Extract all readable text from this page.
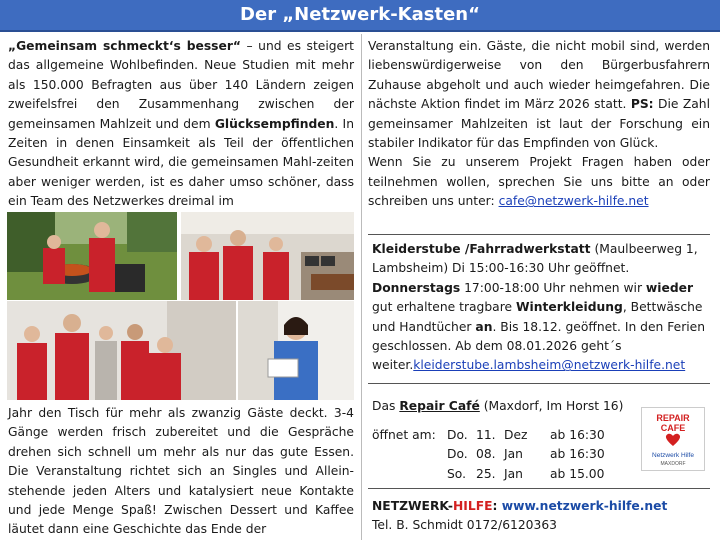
Der „Netzwerk-Kasten“
„Gemeinsam schmeckt‘s besser“ – und es steigert das allgemeine Wohlbefinden. Neue Studien mit mehr als 150.000 Befragten aus über 140 Ländern zeigen zweifelsfrei den Zusammenhang zwischen der gemeinsamen Mahlzeit und dem Glücksempfinden. In Zeiten in denen Einsamkeit als Teil der öffentlichen Gesundheit erkannt wird, die gemeinsamen Mahl-zeiten aber weniger werden, ist es daher umso schöner, dass ein Team des Netzwerkes dreimal im
Jahr den Tisch für mehr als zwanzig Gäste deckt. 3-4 Gänge werden frisch zubereitet und die Gespräche drehen sich schnell um mehr als nur das gute Essen. Die Veranstaltung richtet sich an Singles und Allein-stehende jeden Alters und katalysiert neue Kontakte und jede Menge Spaß! Zwischen Dessert und Kaffee läutet dann eine Geschichte das Ende der
Veranstaltung ein. Gäste, die nicht mobil sind, werden liebenswürdigerweise von den Bürgerbusfahrern Zuhause abgeholt und auch wieder heimgefahren. Die nächste Aktion findet im März 2026 statt. PS: Die Zahl gemeinsamer Mahlzeiten ist laut der Forschung ein stabiler Indikator für das Empfinden von Glück.
Wenn Sie zu unserem Projekt Fragen haben oder teilnehmen wollen, sprechen Sie uns bitte an oder schreiben uns unter: cafe@netzwerk-hilfe.net
Kleiderstube /Fahrradwerkstatt (Maulbeerweg 1, Lambsheim) Di 15:00-16:30 Uhr geöffnet. Donnerstags 17:00-18:00 Uhr nehmen wir wieder gut erhaltene tragbare Winterkleidung, Bettwäsche und Handtücher an. Bis 18.12. geöffnet. In den Ferien geschlossen. Ab dem 08.01.2026 geht´s weiter.kleiderstube.lambsheim@netzwerk-hilfe.net
Das Repair Café (Maxdorf, Im Horst 16)
öffnet am: Do. 11. Dez ab 16:30
Do. 08. Jan ab 16:30
So. 25. Jan ab 15.00
REPAIR
CAFE
Netzwerk Hilfe
MAXDORF
NETZWERK-HILFE: www.netzwerk-hilfe.net
Tel. B. Schmidt 0172/6120363
